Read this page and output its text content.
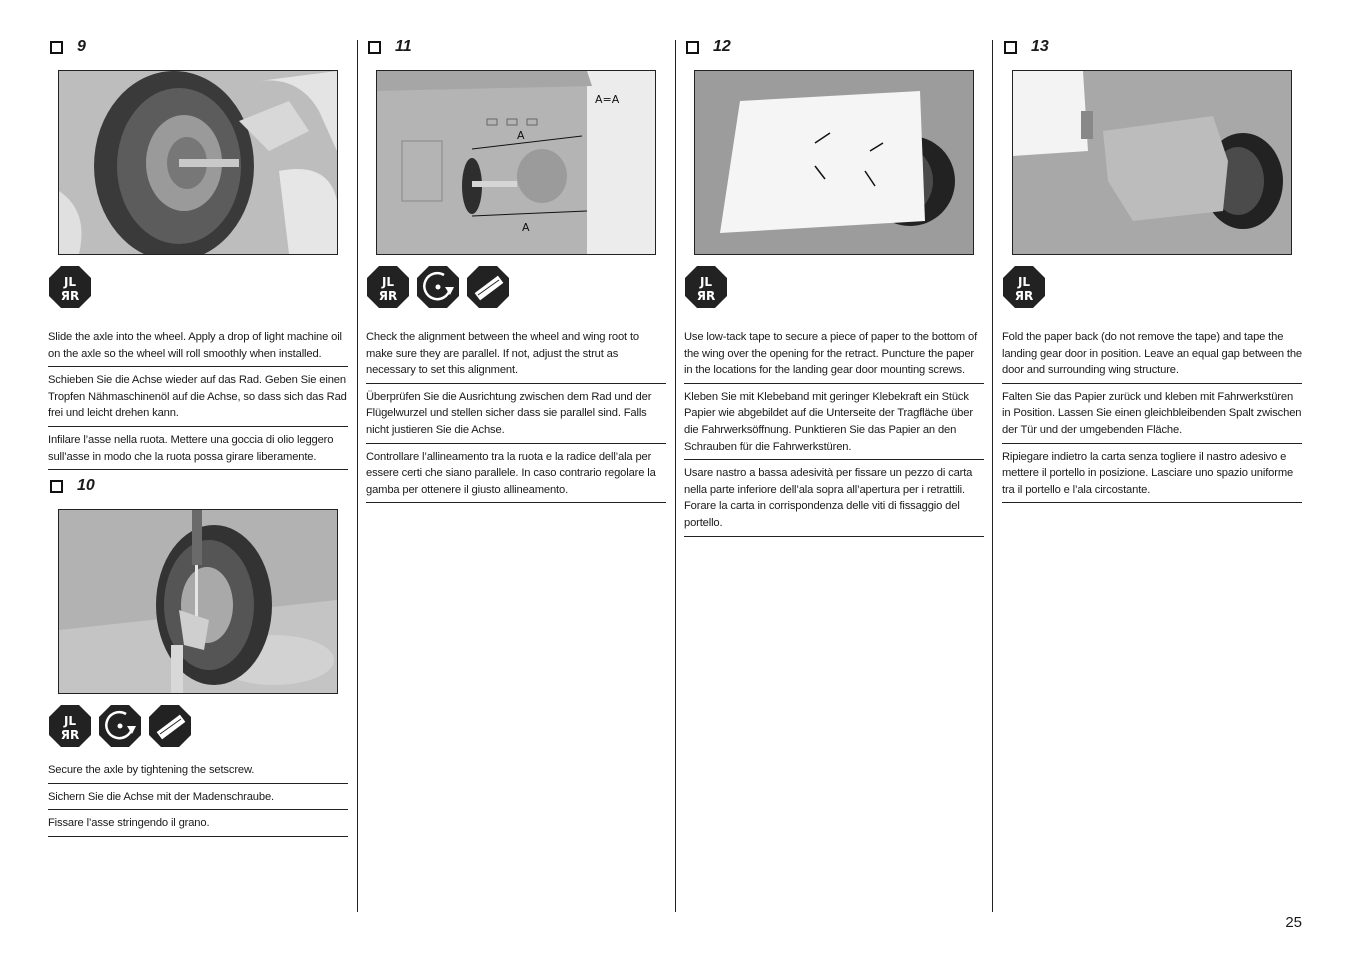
9
JL
ЯR

Slide the axle into the wheel. Apply a drop of light machine oil on the axle so the wheel will roll smoothly when installed.

Schieben Sie die Achse wieder auf das Rad. Geben Sie einen Tropfen Nähmaschinenöl auf die Achse, so dass sich das Rad frei und leicht drehen kann.

Infilare l’asse nella ruota. Mettere una goccia di olio leggero sull’asse in modo che la ruota possa girare liberamente.

10
JL
ЯR

Secure the axle by tightening the setscrew.

Sichern Sie die Achse mit der Madenschraube.

Fissare l’asse stringendo il grano.

11
A
A
A=A
JL
ЯR

Check the alignment between the wheel and wing root to make sure they are parallel. If not, adjust the strut as necessary to set this alignment.

Überprüfen Sie die Ausrichtung zwischen dem Rad und der Flügelwurzel und stellen sicher dass sie parallel sind. Falls nicht justieren Sie die Achse.

Controllare l’allineamento tra la ruota e la radice dell’ala per essere certi che siano parallele. In caso contrario regolare la gamba per ottenere il giusto allineamento.

12
JL
ЯR

Use low-tack tape to secure a piece of paper to the bottom of the wing over the opening for the retract. Puncture the paper in the locations for the landing gear door mounting screws.

Kleben Sie mit Klebeband mit geringer Klebekraft ein Stück Papier wie abgebildet auf die Unterseite der Tragfläche über die Fahrwerksöffnung. Punktieren Sie das Papier an den Schrauben für die Fahrwerkstüren.

Usare nastro a bassa adesività per fissare un pezzo di carta nella parte inferiore dell’ala sopra all’apertura per i retrattili. Forare la carta in corrispondenza delle viti di fissaggio del portello.

13
JL
ЯR

Fold the paper back (do not remove the tape) and tape the landing gear door in position. Leave an equal gap between the door and surrounding wing structure.

Falten Sie das Papier zurück und kleben mit Fahrwerkstüren in Position. Lassen Sie einen gleichbleibenden Spalt zwischen der Tür und der umgebenden Fläche.

Ripiegare indietro la carta senza togliere il nastro adesivo e mettere il portello in posizione. Lasciare uno spazio uniforme tra il portello e l’ala circostante.

25
